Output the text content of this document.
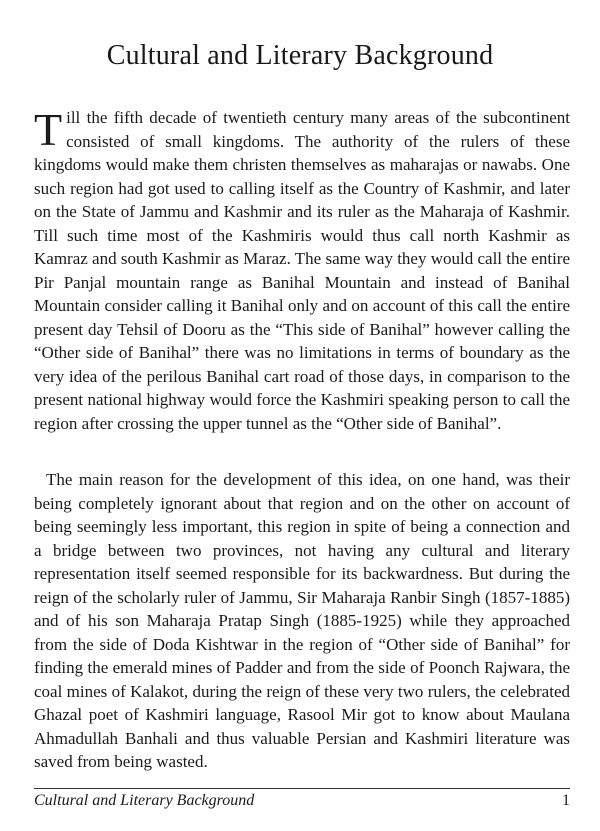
Cultural and Literary Background

Till the fifth decade of twentieth century many areas of the subcontinent consisted of small kingdoms. The authority of the rulers of these kingdoms would make them christen themselves as maharajas or nawabs. One such region had got used to calling itself as the Country of Kashmir, and later on the State of Jammu and Kashmir and its ruler as the Maharaja of Kashmir. Till such time most of the Kashmiris would thus call north Kashmir as Kamraz and south Kashmir as Maraz. The same way they would call the entire Pir Panjal mountain range as Banihal Mountain and instead of Banihal Mountain consider calling it Banihal only and on account of this call the entire present day Tehsil of Dooru as the “This side of Banihal” however calling the “Other side of Banihal” there was no limitations in terms of boundary as the very idea of the perilous Banihal cart road of those days, in comparison to the present national highway would force the Kashmiri speaking person to call the region after crossing the upper tunnel as the “Other side of Banihal”.

The main reason for the development of this idea, on one hand, was their being completely ignorant about that region and on the other on account of being seemingly less important, this region in spite of being a connection and a bridge between two provinces, not having any cultural and literary representation itself seemed responsible for its backwardness. But during the reign of the scholarly ruler of Jammu, Sir Maharaja Ranbir Singh (1857-1885) and of his son Maharaja Pratap Singh (1885-1925) while they approached from the side of Doda Kishtwar in the region of “Other side of Banihal” for finding the emerald mines of Padder and from the side of Poonch Rajwara, the coal mines of Kalakot, during the reign of these very two rulers, the celebrated Ghazal poet of Kashmiri language, Rasool Mir got to know about Maulana Ahmadullah Banhali and thus valuable Persian and Kashmiri literature was saved from being wasted.

Cultural and Literary Background	1
